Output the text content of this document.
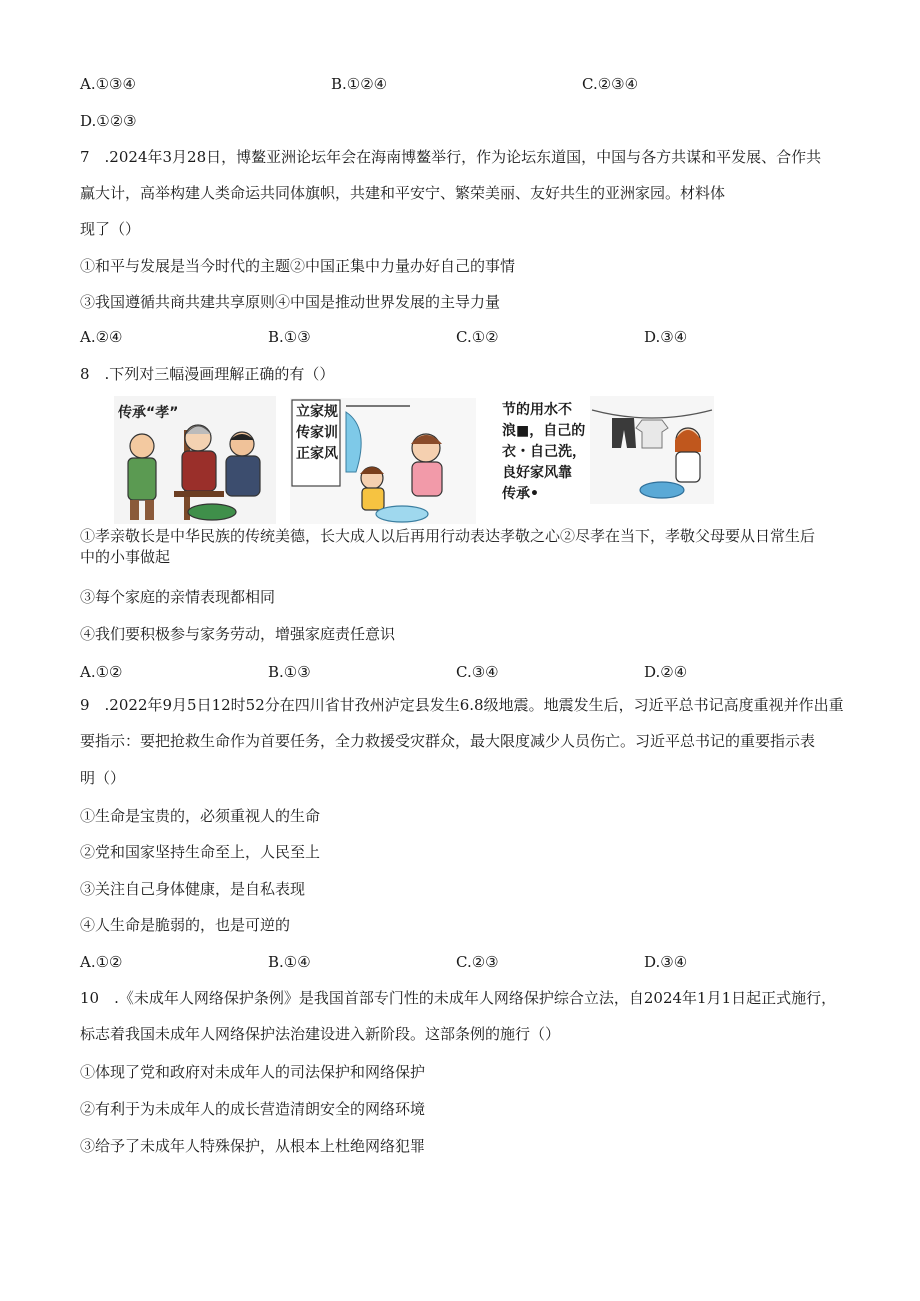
A.①③④	B.①②④	C.②③④
D.①②③
7　.2024年3月28日，博鳌亚洲论坛年会在海南博鳌举行，作为论坛东道国，中国与各方共谋和平发展、合作共
赢大计，高举构建人类命运共同体旗帜，共建和平安宁、繁荣美丽、友好共生的亚洲家园。材料体
现了（）
①和平与发展是当今时代的主题②中国正集中力量办好自己的事情
③我国遵循共商共建共享原则④中国是推动世界发展的主导力量
A.②④	B.①③	C.①②	D.③④
8　.下列对三幅漫画理解正确的有（）
传承“孝”	立家规
传家训
正家风
节的用水不
浪■，自己的
衣・自己洗，
良好家风靠
传承•
①孝亲敬长是中华民族的传统美德，长大成人以后再用行动表达孝敬之心②尽孝在当下，孝敬父母要从日常生后
中的小事做起
③每个家庭的亲情表现都相同
④我们要积极参与家务劳动，增强家庭责任意识
A.①②	B.①③	C.③④	D.②④
9　.2022年9月5日12时52分在四川省甘孜州泸定县发生6.8级地震。地震发生后，习近平总书记高度重视并作出重
要指示：要把抢救生命作为首要任务，全力救援受灾群众，最大限度减少人员伤亡。习近平总书记的重要指示表
明（）
①生命是宝贵的，必须重视人的生命
②党和国家坚持生命至上，人民至上
③关注自己身体健康，是自私表现
④人生命是脆弱的，也是可逆的
A.①②	B.①④	C.②③	D.③④
10　.《未成年人网络保护条例》是我国首部专门性的未成年人网络保护综合立法，自2024年1月1日起正式施行，
标志着我国未成年人网络保护法治建设进入新阶段。这部条例的施行（）
①体现了党和政府对未成年人的司法保护和网络保护
②有利于为未成年人的成长营造清朗安全的网络环境
③给予了未成年人特殊保护，从根本上杜绝网络犯罪
